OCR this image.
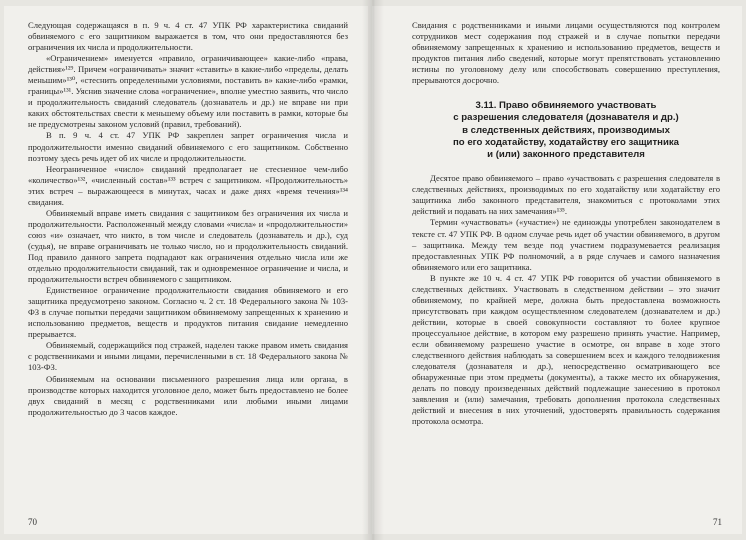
Следующая содержащаяся в п. 9 ч. 4 ст. 47 УПК РФ характеристика свиданий обвиняемого с его защитником выражается в том, что они предоставляются без ограничения их числа и продолжительности.

«Ограничением» именуется «правило, ограничивающее» какие-либо «права, действия»¹²⁹. Причем «ограничивать» значит «ставить» в какие-либо «пределы, делать меньшим»¹³⁰, «стеснить определенными условиями, поставить в» какие-либо «рамки, границы»¹³¹. Уяснив значение слова «ограничение», вполне уместно заявить, что число и продолжительность свиданий следователь (дознаватель и др.) не вправе ни при каких обстоятельствах свести к меньшему объему или поставить в рамки, которые бы не предусмотрены законом условий (правил, требований).

В п. 9 ч. 4 ст. 47 УПК РФ закреплен запрет ограничения числа и продолжительности именно свиданий обвиняемого с его защитником. Собственно поэтому здесь речь идет об их числе и продолжительности.

Неограниченное «число» свиданий предполагает не стесненное чем-либо «количество»¹³², «численный состав»¹³³ встреч с защитником. «Продолжительность» этих встреч – выражающееся в минутах, часах и даже днях «время течения»¹³⁴ свидания.

Обвиняемый вправе иметь свидания с защитником без ограничения их числа и продолжительности. Расположенный между словами «числа» и «продолжительности» союз «и» означает, что никто, в том числе и следователь (дознаватель и др.), суд (судья), не вправе ограничивать не только число, но и продолжительность свиданий. Под правило данного запрета подпадают как ограничения отдельно числа или же отдельно продолжительности свиданий, так и одновременное ограничение и числа, и продолжительности встреч обвиняемого с защитником.

Единственное ограничение продолжительности свидания обвиняемого и его защитника предусмотрено законом. Согласно ч. 2 ст. 18 Федерального закона № 103-ФЗ в случае попытки передачи защитником обвиняемому запрещенных к хранению и использованию предметов, веществ и продуктов питания свидание немедленно прерывается.

Обвиняемый, содержащийся под стражей, наделен также правом иметь свидания с родственниками и иными лицами, перечисленными в ст. 18 Федерального закона № 103-ФЗ.

Обвиняемым на основании письменного разрешения лица или органа, в производстве которых находится уголовное дело, может быть предоставлено не более двух свиданий в месяц с родственниками или любыми иными лицами продолжительностью до 3 часов каждое.

70

Свидания с родственниками и иными лицами осуществляются под контролем сотрудников мест содержания под стражей и в случае попытки передачи обвиняемому запрещенных к хранению и использованию предметов, веществ и продуктов питания либо сведений, которые могут препятствовать установлению истины по уголовному делу или способствовать совершению преступления, прерываются досрочно.

3.11. Право обвиняемого участвовать
с разрешения следователя (дознавателя и др.)
в следственных действиях, производимых
по его ходатайству, ходатайству его защитника
и (или) законного представителя

Десятое право обвиняемого – право «участвовать с разрешения следователя в следственных действиях, производимых по его ходатайству или ходатайству его защитника либо законного представителя, знакомиться с протоколами этих действий и подавать на них замечания»¹³⁵.

Термин «участвовать» («участие») не единожды употреблен законодателем в тексте ст. 47 УПК РФ. В одном случае речь идет об участии обвиняемого, в другом – защитника. Между тем везде под участием подразумевается реализация предоставленных УПК РФ полномочий, а в ряде случаев и самого назначения обвиняемого или его защитника.

В пункте же 10 ч. 4 ст. 47 УПК РФ говорится об участии обвиняемого в следственных действиях. Участвовать в следственном действии – это значит обвиняемому, по крайней мере, должна быть предоставлена возможность присутствовать при каждом осуществленном следователем (дознавателем и др.) действии, которые в своей совокупности составляют то более крупное процессуальное действие, в котором ему разрешено принять участие. Например, если обвиняемому разрешено участие в осмотре, он вправе в ходе этого следственного действия наблюдать за совершением всех и каждого телодвижения следователя (дознавателя и др.), непосредственно осматривающего все обнаруженные при этом предметы (документы), а также место их обнаружения, делать по поводу произведенных действий подлежащие занесению в протокол заявления и (или) замечания, требовать дополнения протокола следственных действий и внесения в них уточнений, удостоверять правильность содержания протокола осмотра.

71
